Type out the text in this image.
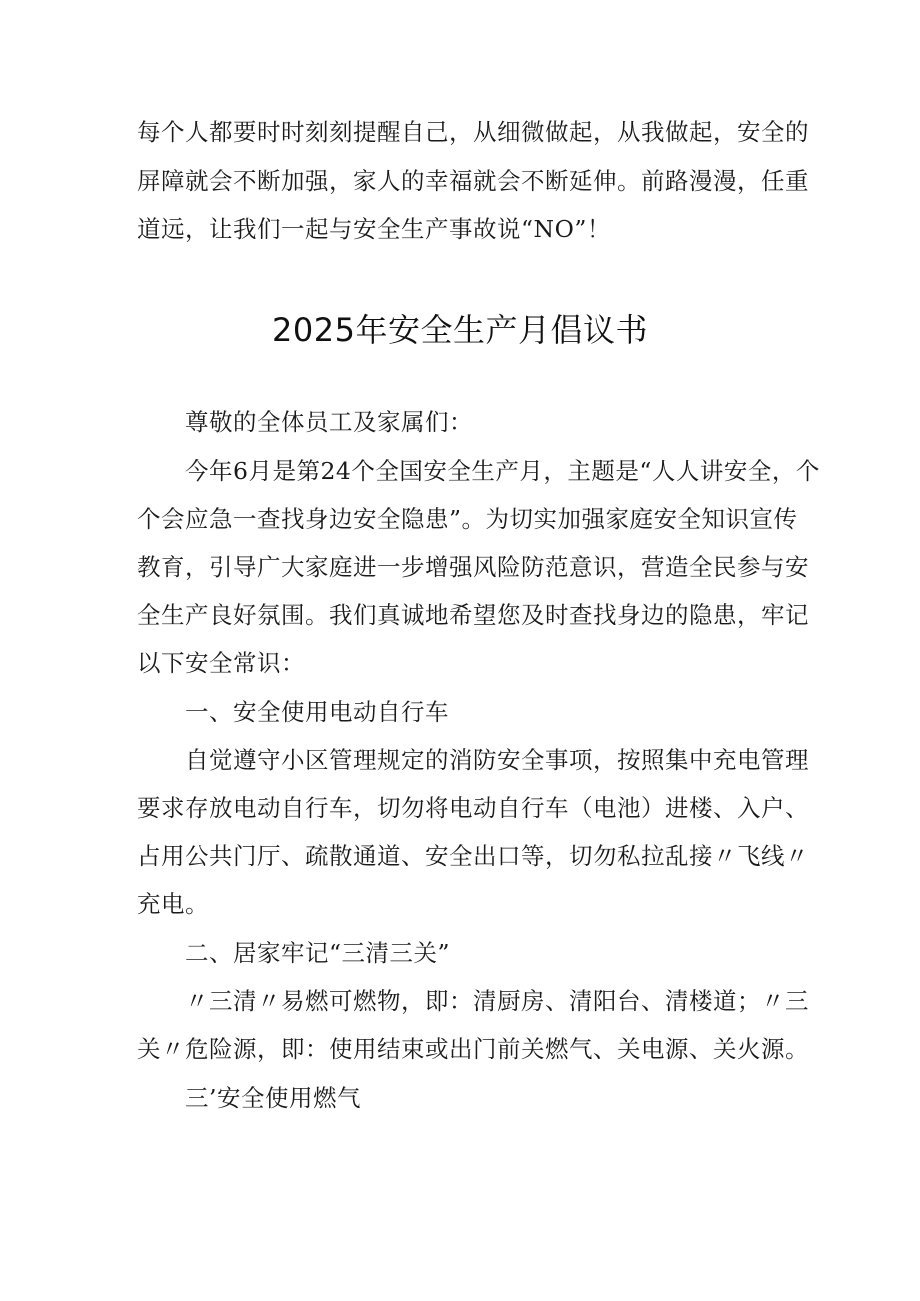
每个人都要时时刻刻提醒自己，从细微做起，从我做起，安全的
屏障就会不断加强，家人的幸福就会不断延伸。前路漫漫，任重
道远，让我们一起与安全生产事故说“NO”！
2025年安全生产月倡议书
尊敬的全体员工及家属们：
今年6月是第24个全国安全生产月，主题是“人人讲安全，个
个会应急一查找身边安全隐患”。为切实加强家庭安全知识宣传
教育，引导广大家庭进一步增强风险防范意识，营造全民参与安
全生产良好氛围。我们真诚地希望您及时查找身边的隐患，牢记
以下安全常识：
一、安全使用电动自行车
自觉遵守小区管理规定的消防安全事项，按照集中充电管理
要求存放电动自行车，切勿将电动自行车（电池）进楼、入户、
占用公共门厅、疏散通道、安全出口等，切勿私拉乱接〃飞线〃
充电。
二、居家牢记“三清三关”
〃三清〃易燃可燃物，即：清厨房、清阳台、清楼道；〃三
关〃危险源，即：使用结束或出门前关燃气、关电源、关火源。
三’安全使用燃气
